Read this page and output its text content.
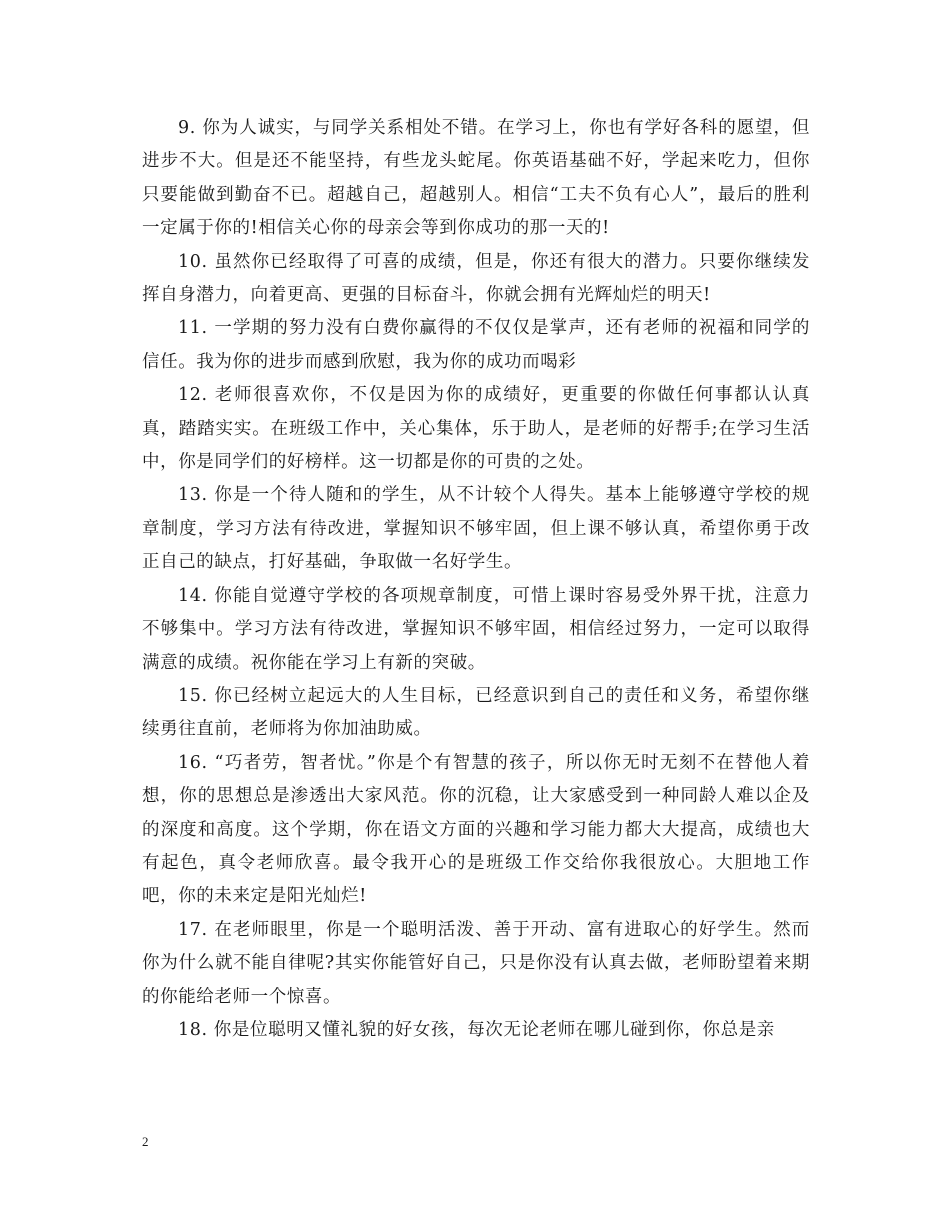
9. 你为人诚实，与同学关系相处不错。在学习上，你也有学好各科的愿望，但进步不大。但是还不能坚持，有些龙头蛇尾。你英语基础不好，学起来吃力，但你只要能做到勤奋不已。超越自己，超越别人。相信“工夫不负有心人”，最后的胜利一定属于你的!相信关心你的母亲会等到你成功的那一天的!

10. 虽然你已经取得了可喜的成绩，但是，你还有很大的潜力。只要你继续发挥自身潜力，向着更高、更强的目标奋斗，你就会拥有光辉灿烂的明天!

11. 一学期的努力没有白费你赢得的不仅仅是掌声，还有老师的祝福和同学的信任。我为你的进步而感到欣慰，我为你的成功而喝彩

12. 老师很喜欢你，不仅是因为你的成绩好，更重要的你做任何事都认认真真，踏踏实实。在班级工作中，关心集体，乐于助人，是老师的好帮手;在学习生活中，你是同学们的好榜样。这一切都是你的可贵的之处。

13. 你是一个待人随和的学生，从不计较个人得失。基本上能够遵守学校的规章制度，学习方法有待改进，掌握知识不够牢固，但上课不够认真，希望你勇于改正自己的缺点，打好基础，争取做一名好学生。

14. 你能自觉遵守学校的各项规章制度，可惜上课时容易受外界干扰，注意力不够集中。学习方法有待改进，掌握知识不够牢固，相信经过努力，一定可以取得满意的成绩。祝你能在学习上有新的突破。

15. 你已经树立起远大的人生目标，已经意识到自己的责任和义务，希望你继续勇往直前，老师将为你加油助威。

16. “巧者劳，智者忧。”你是个有智慧的孩子，所以你无时无刻不在替他人着想，你的思想总是渗透出大家风范。你的沉稳，让大家感受到一种同龄人难以企及的深度和高度。这个学期，你在语文方面的兴趣和学习能力都大大提高，成绩也大有起色，真令老师欣喜。最令我开心的是班级工作交给你我很放心。大胆地工作吧，你的未来定是阳光灿烂!

17. 在老师眼里，你是一个聪明活泼、善于开动、富有进取心的好学生。然而你为什么就不能自律呢?其实你能管好自己，只是你没有认真去做，老师盼望着来期的你能给老师一个惊喜。

18. 你是位聪明又懂礼貌的好女孩，每次无论老师在哪儿碰到你，你总是亲

2
